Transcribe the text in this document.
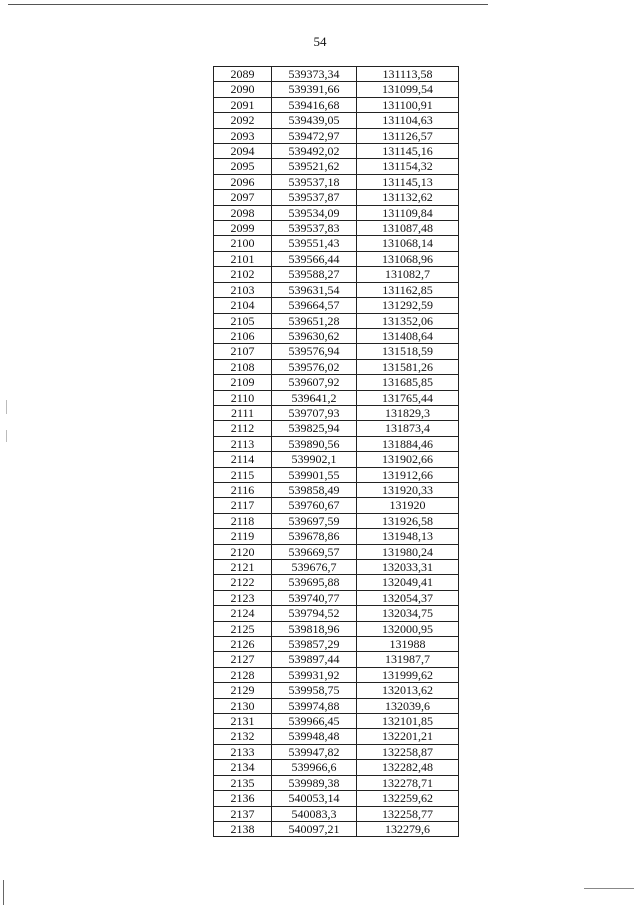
54
2089	539373,34	131113,58
2090	539391,66	131099,54
2091	539416,68	131100,91
2092	539439,05	131104,63
2093	539472,97	131126,57
2094	539492,02	131145,16
2095	539521,62	131154,32
2096	539537,18	131145,13
2097	539537,87	131132,62
2098	539534,09	131109,84
2099	539537,83	131087,48
2100	539551,43	131068,14
2101	539566,44	131068,96
2102	539588,27	131082,7
2103	539631,54	131162,85
2104	539664,57	131292,59
2105	539651,28	131352,06
2106	539630,62	131408,64
2107	539576,94	131518,59
2108	539576,02	131581,26
2109	539607,92	131685,85
2110	539641,2	131765,44
2111	539707,93	131829,3
2112	539825,94	131873,4
2113	539890,56	131884,46
2114	539902,1	131902,66
2115	539901,55	131912,66
2116	539858,49	131920,33
2117	539760,67	131920
2118	539697,59	131926,58
2119	539678,86	131948,13
2120	539669,57	131980,24
2121	539676,7	132033,31
2122	539695,88	132049,41
2123	539740,77	132054,37
2124	539794,52	132034,75
2125	539818,96	132000,95
2126	539857,29	131988
2127	539897,44	131987,7
2128	539931,92	131999,62
2129	539958,75	132013,62
2130	539974,88	132039,6
2131	539966,45	132101,85
2132	539948,48	132201,21
2133	539947,82	132258,87
2134	539966,6	132282,48
2135	539989,38	132278,71
2136	540053,14	132259,62
2137	540083,3	132258,77
2138	540097,21	132279,6
